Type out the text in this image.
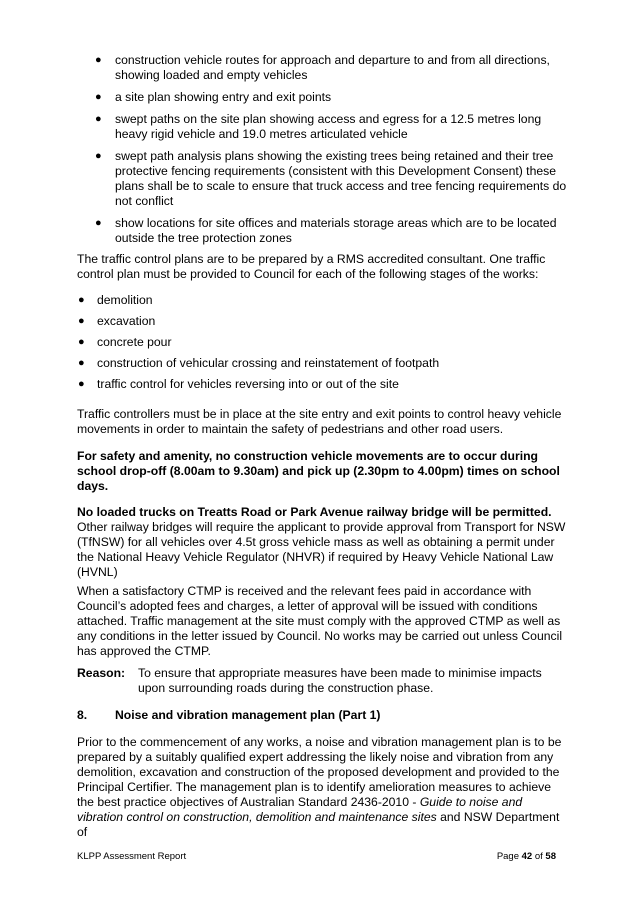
● construction vehicle routes for approach and departure to and from all directions, showing loaded and empty vehicles
● a site plan showing entry and exit points
● swept paths on the site plan showing access and egress for a 12.5 metres long heavy rigid vehicle and 19.0 metres articulated vehicle
● swept path analysis plans showing the existing trees being retained and their tree protective fencing requirements (consistent with this Development Consent) these plans shall be to scale to ensure that truck access and tree fencing requirements do not conflict
● show locations for site offices and materials storage areas which are to be located outside the tree protection zones

The traffic control plans are to be prepared by a RMS accredited consultant. One traffic control plan must be provided to Council for each of the following stages of the works:

● demolition
● excavation
● concrete pour
● construction of vehicular crossing and reinstatement of footpath
● traffic control for vehicles reversing into or out of the site

Traffic controllers must be in place at the site entry and exit points to control heavy vehicle movements in order to maintain the safety of pedestrians and other road users.

For safety and amenity, no construction vehicle movements are to occur during school drop-off (8.00am to 9.30am) and pick up (2.30pm to 4.00pm) times on school days.

No loaded trucks on Treatts Road or Park Avenue railway bridge will be permitted.
Other railway bridges will require the applicant to provide approval from Transport for NSW (TfNSW) for all vehicles over 4.5t gross vehicle mass as well as obtaining a permit under the National Heavy Vehicle Regulator (NHVR) if required by Heavy Vehicle National Law (HVNL)

When a satisfactory CTMP is received and the relevant fees paid in accordance with Council’s adopted fees and charges, a letter of approval will be issued with conditions attached. Traffic management at the site must comply with the approved CTMP as well as any conditions in the letter issued by Council. No works may be carried out unless Council has approved the CTMP.

Reason: To ensure that appropriate measures have been made to minimise impacts upon surrounding roads during the construction phase.
8. Noise and vibration management plan (Part 1)

Prior to the commencement of any works, a noise and vibration management plan is to be prepared by a suitably qualified expert addressing the likely noise and vibration from any demolition, excavation and construction of the proposed development and provided to the Principal Certifier. The management plan is to identify amelioration measures to achieve the best practice objectives of Australian Standard 2436-2010 - Guide to noise and vibration control on construction, demolition and maintenance sites and NSW Department of

KLPP Assessment Report	Page 42 of 58
